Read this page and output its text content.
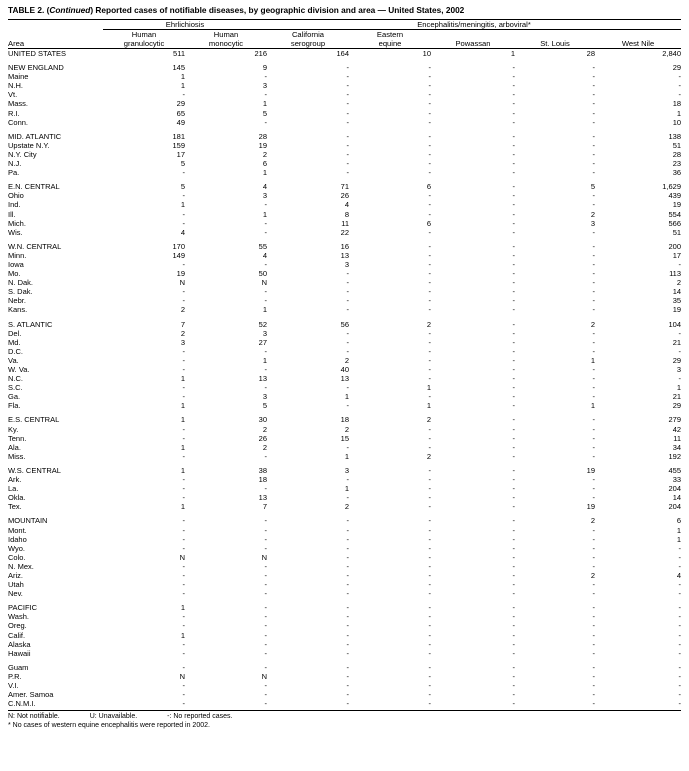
TABLE 2. (Continued) Reported cases of notifiable diseases, by geographic division and area — United States, 2002
	Ehrlichiosis		Encephalitis/meningitis, arboviral*				
	Human	Human	California	Eastern			
Area	granulocytic	monocytic	serogroup	equine	Powassan	St. Louis	West Nile
UNITED STATES	511	216	164	10	1	28	2,840

NEW ENGLAND	145	9	-	-	-	-	29
Maine	1	-	-	-	-	-	-
N.H.	1	3	-	-	-	-	-
Vt.	-	-	-	-	-	-	-
Mass.	29	1	-	-	-	-	18
R.I.	65	5	-	-	-	-	1
Conn.	49	-	-	-	-	-	10

MID. ATLANTIC	181	28	-	-	-	-	138
Upstate N.Y.	159	19	-	-	-	-	51
N.Y. City	17	2	-	-	-	-	28
N.J.	5	6	-	-	-	-	23
Pa.	-	1	-	-	-	-	36

E.N. CENTRAL	5	4	71	6	-	5	1,629
Ohio	-	3	26	-	-	-	439
Ind.	1	-	4	-	-	-	19
Ill.	-	1	8	-	-	2	554
Mich.	-	-	11	6	-	3	566
Wis.	4	-	22	-	-	-	51

W.N. CENTRAL	170	55	16	-	-	-	200
Minn.	149	4	13	-	-	-	17
Iowa	-	-	3	-	-	-	-
Mo.	19	50	-	-	-	-	113
N. Dak.	N	N	-	-	-	-	2
S. Dak.	-	-	-	-	-	-	14
Nebr.	-	-	-	-	-	-	35
Kans.	2	1	-	-	-	-	19

S. ATLANTIC	7	52	56	2	-	2	104
Del.	2	3	-	-	-	-	-
Md.	3	27	-	-	-	-	21
D.C.	-	-	-	-	-	-	-
Va.	-	1	2	-	-	1	29
W. Va.	-	-	40	-	-	-	3
N.C.	1	13	13	-	-	-	-
S.C.	-	-	-	1	-	-	1
Ga.	-	3	1	-	-	-	21
Fla.	1	5	-	1	-	1	29

E.S. CENTRAL	1	30	18	2	-	-	279
Ky.	-	2	2	-	-	-	42
Tenn.	-	26	15	-	-	-	11
Ala.	1	2	-	-	-	-	34
Miss.	-	-	1	2	-	-	192

W.S. CENTRAL	1	38	3	-	-	19	455
Ark.	-	18	-	-	-	-	33
La.	-	-	1	-	-	-	204
Okla.	-	13	-	-	-	-	14
Tex.	1	7	2	-	-	19	204

MOUNTAIN	-	-	-	-	-	2	6
Mont.	-	-	-	-	-	-	1
Idaho	-	-	-	-	-	-	1
Wyo.	-	-	-	-	-	-	-
Colo.	N	N	-	-	-	-	-
N. Mex.	-	-	-	-	-	-	-
Ariz.	-	-	-	-	-	2	4
Utah	-	-	-	-	-	-	-
Nev.	-	-	-	-	-	-	-

PACIFIC	1	-	-	-	-	-	-
Wash.	-	-	-	-	-	-	-
Oreg.	-	-	-	-	-	-	-
Calif.	1	-	-	-	-	-	-
Alaska	-	-	-	-	-	-	-
Hawaii	-	-	-	-	-	-	-

Guam	-	-	-	-	-	-	-
P.R.	N	N	-	-	-	-	-
V.I.	-	-	-	-	-	-	-
Amer. Samoa	-	-	-	-	-	-	-
C.N.M.I.	-	-	-	-	-	-	-
N: Not notifiable.	U: Unavailable.	-: No reported cases.
* No cases of western equine encephalitis were reported in 2002.
